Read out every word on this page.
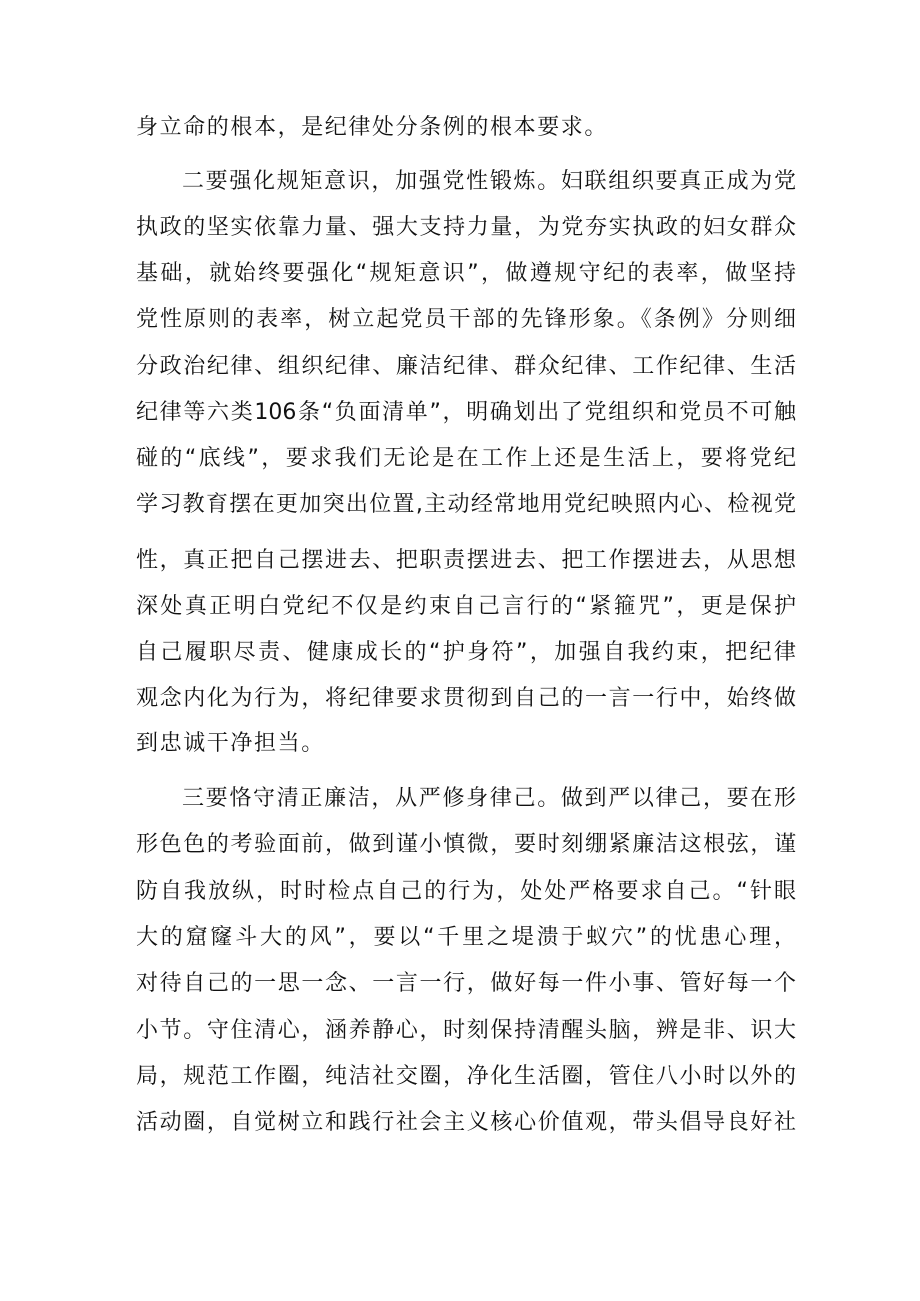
身立命的根本，是纪律处分条例的根本要求。

二要强化规矩意识，加强党性锻炼。妇联组织要真正成为党

执政的坚实依靠力量、强大支持力量，为党夯实执政的妇女群众

基础，就始终要强化“规矩意识”，做遵规守纪的表率，做坚持

党性原则的表率，树立起党员干部的先锋形象。《条例》分则细

分政治纪律、组织纪律、廉洁纪律、群众纪律、工作纪律、生活

纪律等六类106条“负面清单”，明确划出了党组织和党员不可触

碰的“底线”，要求我们无论是在工作上还是生活上，要将党纪

学习教育摆在更加突出位置,主动经常地用党纪映照内心、检视党

性，真正把自己摆进去、把职责摆进去、把工作摆进去，从思想

深处真正明白党纪不仅是约束自己言行的“紧箍咒”，更是保护

自己履职尽责、健康成长的“护身符”，加强自我约束，把纪律

观念内化为行为，将纪律要求贯彻到自己的一言一行中，始终做

到忠诚干净担当。

三要恪守清正廉洁，从严修身律己。做到严以律己，要在形

形色色的考验面前，做到谨小慎微，要时刻绷紧廉洁这根弦，谨

防自我放纵，时时检点自己的行为，处处严格要求自己。“针眼

大的窟窿斗大的风”，要以“千里之堤溃于蚁穴”的忧患心理，

对待自己的一思一念、一言一行，做好每一件小事、管好每一个

小节。守住清心，涵养静心，时刻保持清醒头脑，辨是非、识大

局，规范工作圈，纯洁社交圈，净化生活圈，管住八小时以外的

活动圈，自觉树立和践行社会主义核心价值观，带头倡导良好社
